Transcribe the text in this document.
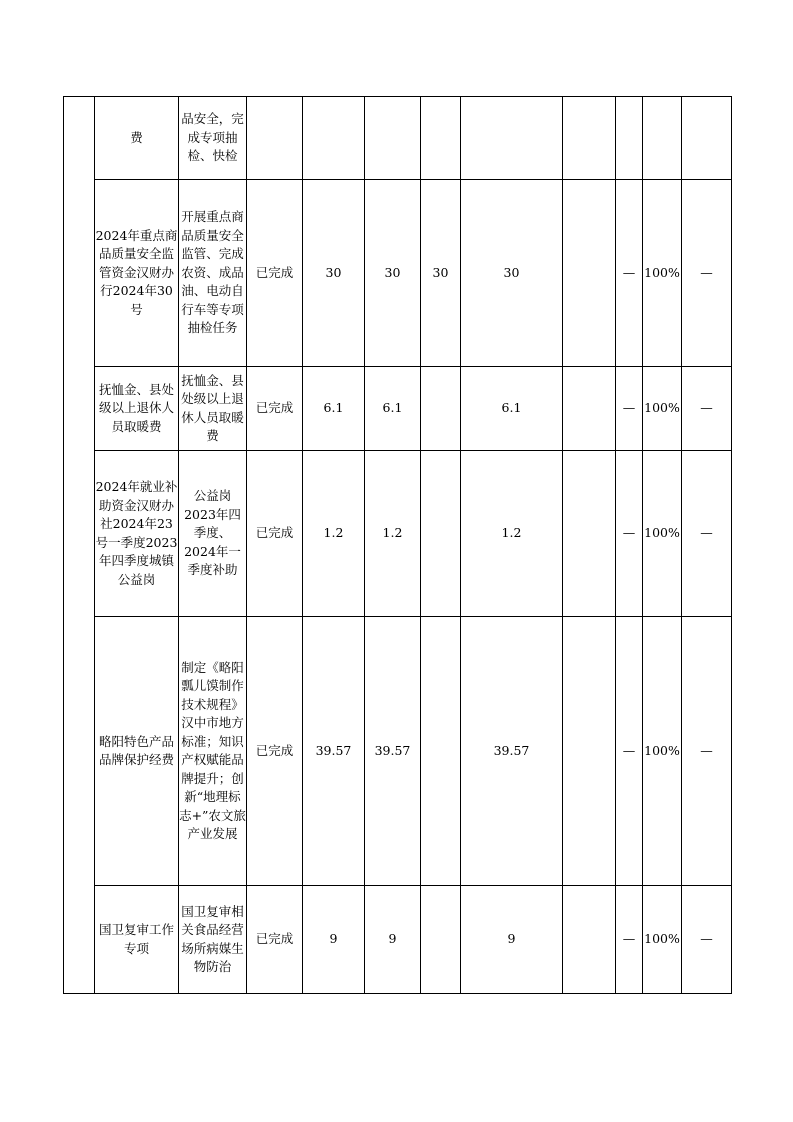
	费	品安全，完成专项抽检、快检									
	2024年重点商品质量安全监管资金汉财办行2024年30号	开展重点商品质量安全监管、完成农资、成品油、电动自行车等专项抽检任务	已完成	30	30	30	30		—	100%	—
	抚恤金、县处级以上退休人员取暖费	抚恤金、县处级以上退休人员取暖费	已完成	6.1	6.1		6.1		—	100%	—
	2024年就业补助资金汉财办社2024年23号一季度2023年四季度城镇公益岗	公益岗2023年四季度、2024年一季度补助	已完成	1.2	1.2		1.2		—	100%	—
	略阳特色产品品牌保护经费	制定《略阳瓢儿馍制作技术规程》汉中市地方标准；知识产权赋能品牌提升；创新“地理标志+”农文旅产业发展	已完成	39.57	39.57		39.57		—	100%	—
	国卫复审工作专项	国卫复审相关食品经营场所病媒生物防治	已完成	9	9		9		—	100%	—
